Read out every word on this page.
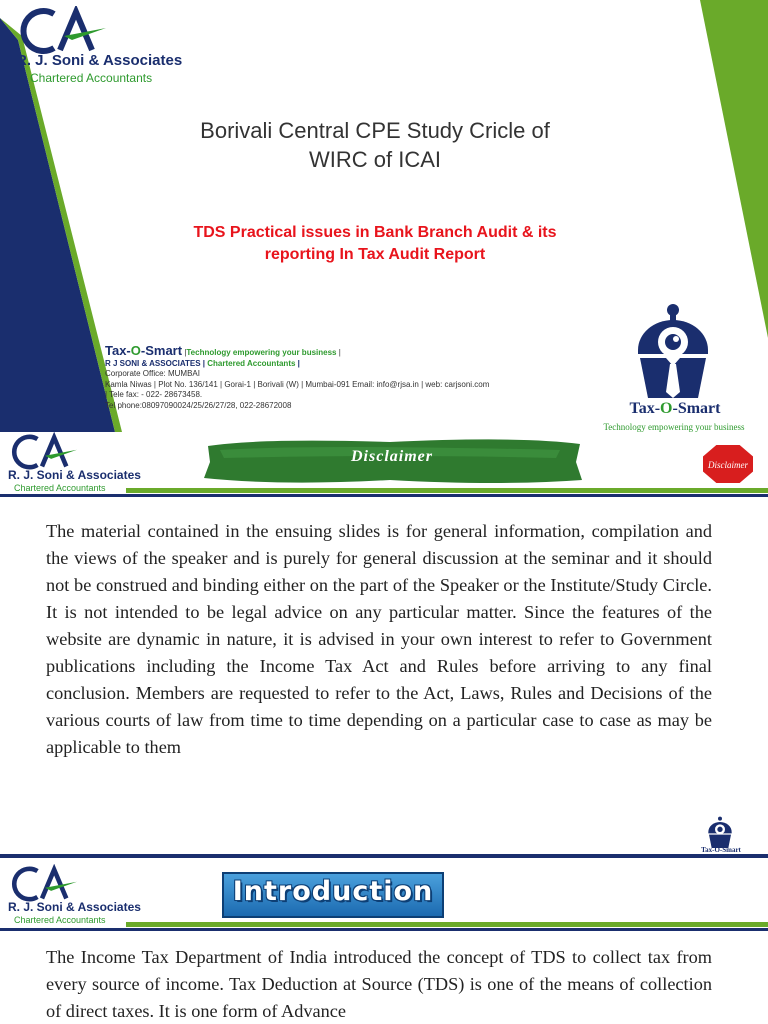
R. J. Soni & Associates
Chartered Accountants
Borivali Central CPE Study Cricle of
WIRC of ICAI
TDS Practical issues in Bank Branch Audit & its
reporting In Tax Audit Report
Tax-O-Smart |Technology empowering your business |
R J SONI & ASSOCIATES | Chartered Accountants |
Corporate Office: MUMBAI
Kamla Niwas | Plot No. 136/141 | Gorai-1 | Borivali (W) | Mumbai-091 Email: info@rjsa.in | web: carjsoni.com
| Tele fax: - 022- 28673458.
Tel phone:08097090024/25/26/27/28, 022-28672008	Tax-O-Smart
Technology empowering your business
R. J. Soni & Associates
Chartered Accountants
Disclaimer	Disclaimer

The material contained in the ensuing slides is for general information, compilation and the views of the speaker and is purely for general discussion at the seminar and it should not be construed and binding either on the part of the Speaker or the Institute/Study Circle. It is not intended to be legal advice on any particular matter. Since the features of the website are dynamic in nature, it is advised in your own interest to refer to Government publications including the Income Tax Act and Rules before arriving to any final conclusion. Members are requested to refer to the Act, Laws, Rules and Decisions of the various courts of law from time to time depending on a particular case to case as may be applicable to them

Tax-O-Smart
R. J. Soni & Associates
Chartered Accountants
Introduction

The Income Tax Department of India introduced the concept of TDS to collect tax from every source of income. Tax Deduction at Source (TDS) is one of the means of collection of direct taxes. It is one form of Advance
